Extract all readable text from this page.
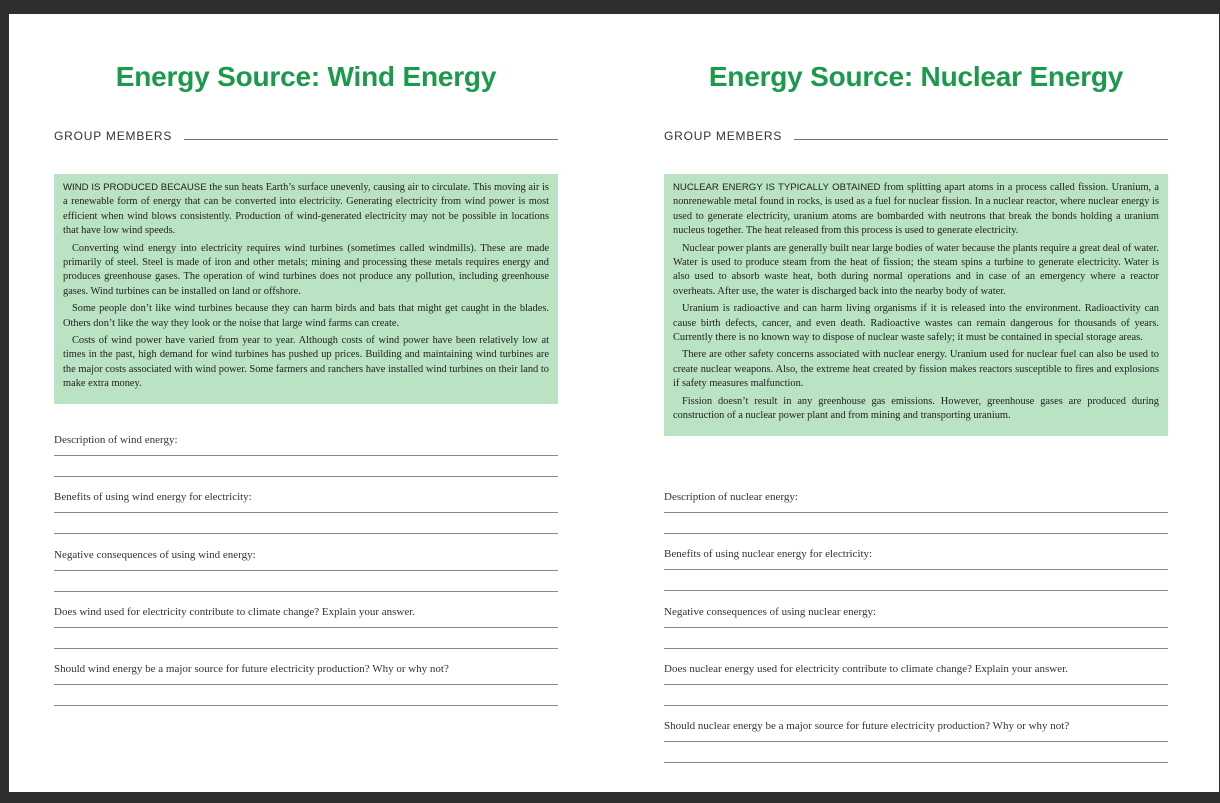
Energy Source: Wind Energy
GROUP MEMBERS

WIND IS PRODUCED BECAUSE the sun heats Earth’s surface unevenly, causing air to circulate. This moving air is a renewable form of energy that can be converted into electricity. Generating electricity from wind power is most efficient when wind blows consistently. Production of wind-generated electricity may not be possible in locations that have low wind speeds.

Converting wind energy into electricity requires wind turbines (sometimes called windmills). These are made primarily of steel. Steel is made of iron and other metals; mining and processing these metals requires energy and produces greenhouse gases. The operation of wind turbines does not produce any pollution, including greenhouse gases. Wind turbines can be installed on land or offshore.

Some people don’t like wind turbines because they can harm birds and bats that might get caught in the blades. Others don’t like the way they look or the noise that large wind farms can create.

Costs of wind power have varied from year to year. Although costs of wind power have been relatively low at times in the past, high demand for wind turbines has pushed up prices. Building and maintaining wind turbines are the major costs associated with wind power. Some farmers and ranchers have installed wind turbines on their land to make extra money.

Description of wind energy:
Benefits of using wind energy for electricity:
Negative consequences of using wind energy:
Does wind used for electricity contribute to climate change? Explain your answer.
Should wind energy be a major source for future electricity production? Why or why not?
Energy Source: Nuclear Energy
GROUP MEMBERS

NUCLEAR ENERGY IS TYPICALLY OBTAINED from splitting apart atoms in a process called fission. Uranium, a nonrenewable metal found in rocks, is used as a fuel for nuclear fission. In a nuclear reactor, where nuclear energy is used to generate electricity, uranium atoms are bombarded with neutrons that break the bonds holding a uranium nucleus together. The heat released from this process is used to generate electricity.

Nuclear power plants are generally built near large bodies of water because the plants require a great deal of water. Water is used to produce steam from the heat of fission; the steam spins a turbine to generate electricity. Water is also used to absorb waste heat, both during normal operations and in case of an emergency where a reactor overheats. After use, the water is discharged back into the nearby body of water.

Uranium is radioactive and can harm living organisms if it is released into the environment. Radioactivity can cause birth defects, cancer, and even death. Radioactive wastes can remain dangerous for thousands of years. Currently there is no known way to dispose of nuclear waste safely; it must be contained in special storage areas.

There are other safety concerns associated with nuclear energy. Uranium used for nuclear fuel can also be used to create nuclear weapons. Also, the extreme heat created by fission makes reactors susceptible to fires and explosions if safety measures malfunction.

Fission doesn’t result in any greenhouse gas emissions. However, greenhouse gases are produced during construction of a nuclear power plant and from mining and transporting uranium.

Description of nuclear energy:
Benefits of using nuclear energy for electricity:
Negative consequences of using nuclear energy:
Does nuclear energy used for electricity contribute to climate change? Explain your answer.
Should nuclear energy be a major source for future electricity production? Why or why not?
